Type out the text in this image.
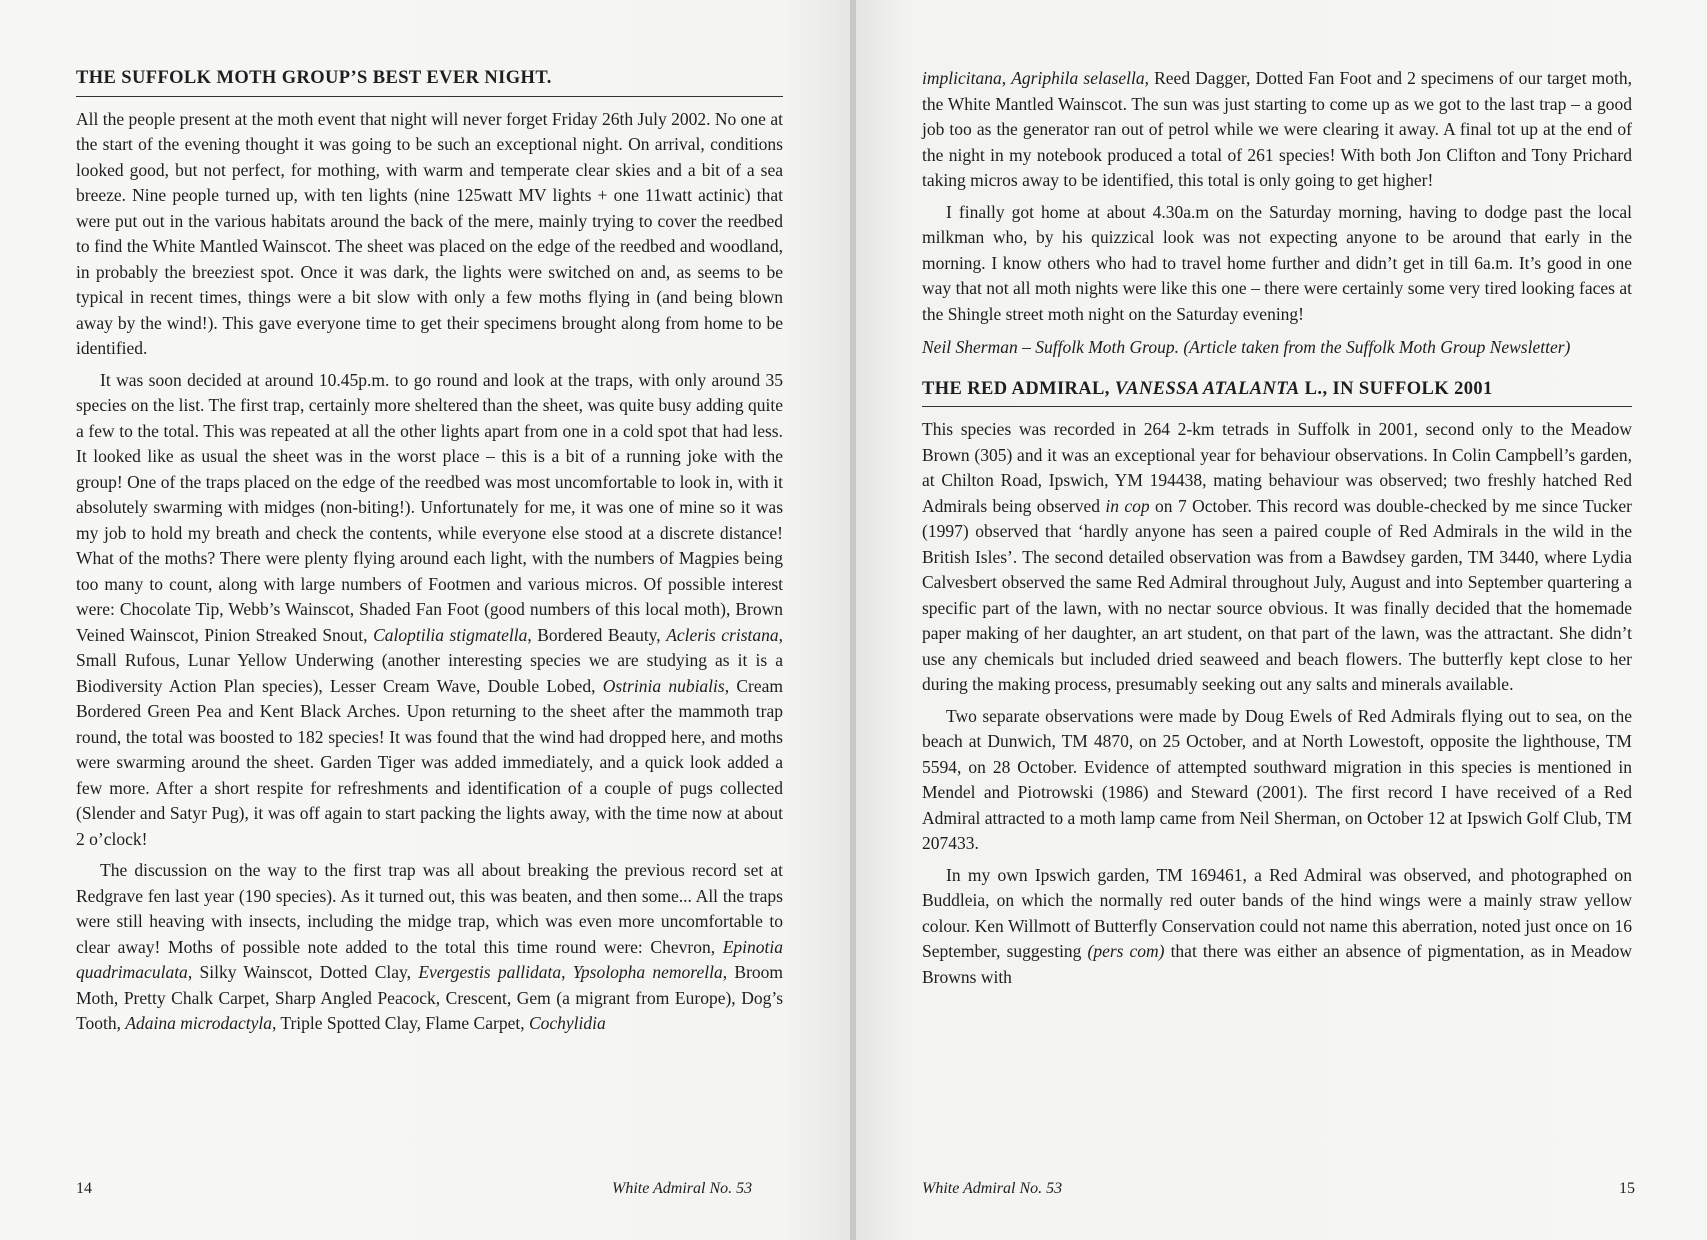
THE SUFFOLK MOTH GROUP’S BEST EVER NIGHT.

All the people present at the moth event that night will never forget Friday 26th July 2002. No one at the start of the evening thought it was going to be such an exceptional night. On arrival, conditions looked good, but not perfect, for mothing, with warm and temperate clear skies and a bit of a sea breeze. Nine people turned up, with ten lights (nine 125watt MV lights + one 11watt actinic) that were put out in the various habitats around the back of the mere, mainly trying to cover the reedbed to find the White Mantled Wainscot. The sheet was placed on the edge of the reedbed and woodland, in probably the breeziest spot. Once it was dark, the lights were switched on and, as seems to be typical in recent times, things were a bit slow with only a few moths flying in (and being blown away by the wind!). This gave everyone time to get their specimens brought along from home to be identified.

It was soon decided at around 10.45p.m. to go round and look at the traps, with only around 35 species on the list. The first trap, certainly more sheltered than the sheet, was quite busy adding quite a few to the total. This was repeated at all the other lights apart from one in a cold spot that had less. It looked like as usual the sheet was in the worst place – this is a bit of a running joke with the group! One of the traps placed on the edge of the reedbed was most uncomfortable to look in, with it absolutely swarming with midges (non-biting!). Unfortunately for me, it was one of mine so it was my job to hold my breath and check the contents, while everyone else stood at a discrete distance! What of the moths? There were plenty flying around each light, with the numbers of Magpies being too many to count, along with large numbers of Footmen and various micros. Of possible interest were: Chocolate Tip, Webb’s Wainscot, Shaded Fan Foot (good numbers of this local moth), Brown Veined Wainscot, Pinion Streaked Snout, Caloptilia stigmatella, Bordered Beauty, Acleris cristana, Small Rufous, Lunar Yellow Underwing (another interesting species we are studying as it is a Biodiversity Action Plan species), Lesser Cream Wave, Double Lobed, Ostrinia nubialis, Cream Bordered Green Pea and Kent Black Arches. Upon returning to the sheet after the mammoth trap round, the total was boosted to 182 species! It was found that the wind had dropped here, and moths were swarming around the sheet. Garden Tiger was added immediately, and a quick look added a few more. After a short respite for refreshments and identification of a couple of pugs collected (Slender and Satyr Pug), it was off again to start packing the lights away, with the time now at about 2 o’clock!

The discussion on the way to the first trap was all about breaking the previous record set at Redgrave fen last year (190 species). As it turned out, this was beaten, and then some... All the traps were still heaving with insects, including the midge trap, which was even more uncomfortable to clear away! Moths of possible note added to the total this time round were: Chevron, Epinotia quadrimaculata, Silky Wainscot, Dotted Clay, Evergestis pallidata, Ypsolopha nemorella, Broom Moth, Pretty Chalk Carpet, Sharp Angled Peacock, Crescent, Gem (a migrant from Europe), Dog’s Tooth, Adaina microdactyla, Triple Spotted Clay, Flame Carpet, Cochylidia

14	White Admiral No. 53

implicitana, Agriphila selasella, Reed Dagger, Dotted Fan Foot and 2 specimens of our target moth, the White Mantled Wainscot. The sun was just starting to come up as we got to the last trap – a good job too as the generator ran out of petrol while we were clearing it away. A final tot up at the end of the night in my notebook produced a total of 261 species! With both Jon Clifton and Tony Prichard taking micros away to be identified, this total is only going to get higher!

I finally got home at about 4.30a.m on the Saturday morning, having to dodge past the local milkman who, by his quizzical look was not expecting anyone to be around that early in the morning. I know others who had to travel home further and didn’t get in till 6a.m. It’s good in one way that not all moth nights were like this one – there were certainly some very tired looking faces at the Shingle street moth night on the Saturday evening!

Neil Sherman – Suffolk Moth Group. (Article taken from the Suffolk Moth Group Newsletter)

THE RED ADMIRAL, VANESSA ATALANTA L., IN SUFFOLK 2001

This species was recorded in 264 2-km tetrads in Suffolk in 2001, second only to the Meadow Brown (305) and it was an exceptional year for behaviour observations. In Colin Campbell’s garden, at Chilton Road, Ipswich, YM 194438, mating behaviour was observed; two freshly hatched Red Admirals being observed in cop on 7 October. This record was double-checked by me since Tucker (1997) observed that ‘hardly anyone has seen a paired couple of Red Admirals in the wild in the British Isles’. The second detailed observation was from a Bawdsey garden, TM 3440, where Lydia Calvesbert observed the same Red Admiral throughout July, August and into September quartering a specific part of the lawn, with no nectar source obvious. It was finally decided that the homemade paper making of her daughter, an art student, on that part of the lawn, was the attractant. She didn’t use any chemicals but included dried seaweed and beach flowers. The butterfly kept close to her during the making process, presumably seeking out any salts and minerals available.

Two separate observations were made by Doug Ewels of Red Admirals flying out to sea, on the beach at Dunwich, TM 4870, on 25 October, and at North Lowestoft, opposite the lighthouse, TM 5594, on 28 October. Evidence of attempted southward migration in this species is mentioned in Mendel and Piotrowski (1986) and Steward (2001). The first record I have received of a Red Admiral attracted to a moth lamp came from Neil Sherman, on October 12 at Ipswich Golf Club, TM 207433.

In my own Ipswich garden, TM 169461, a Red Admiral was observed, and photographed on Buddleia, on which the normally red outer bands of the hind wings were a mainly straw yellow colour. Ken Willmott of Butterfly Conservation could not name this aberration, noted just once on 16 September, suggesting (pers com) that there was either an absence of pigmentation, as in Meadow Browns with

White Admiral No. 53	15
